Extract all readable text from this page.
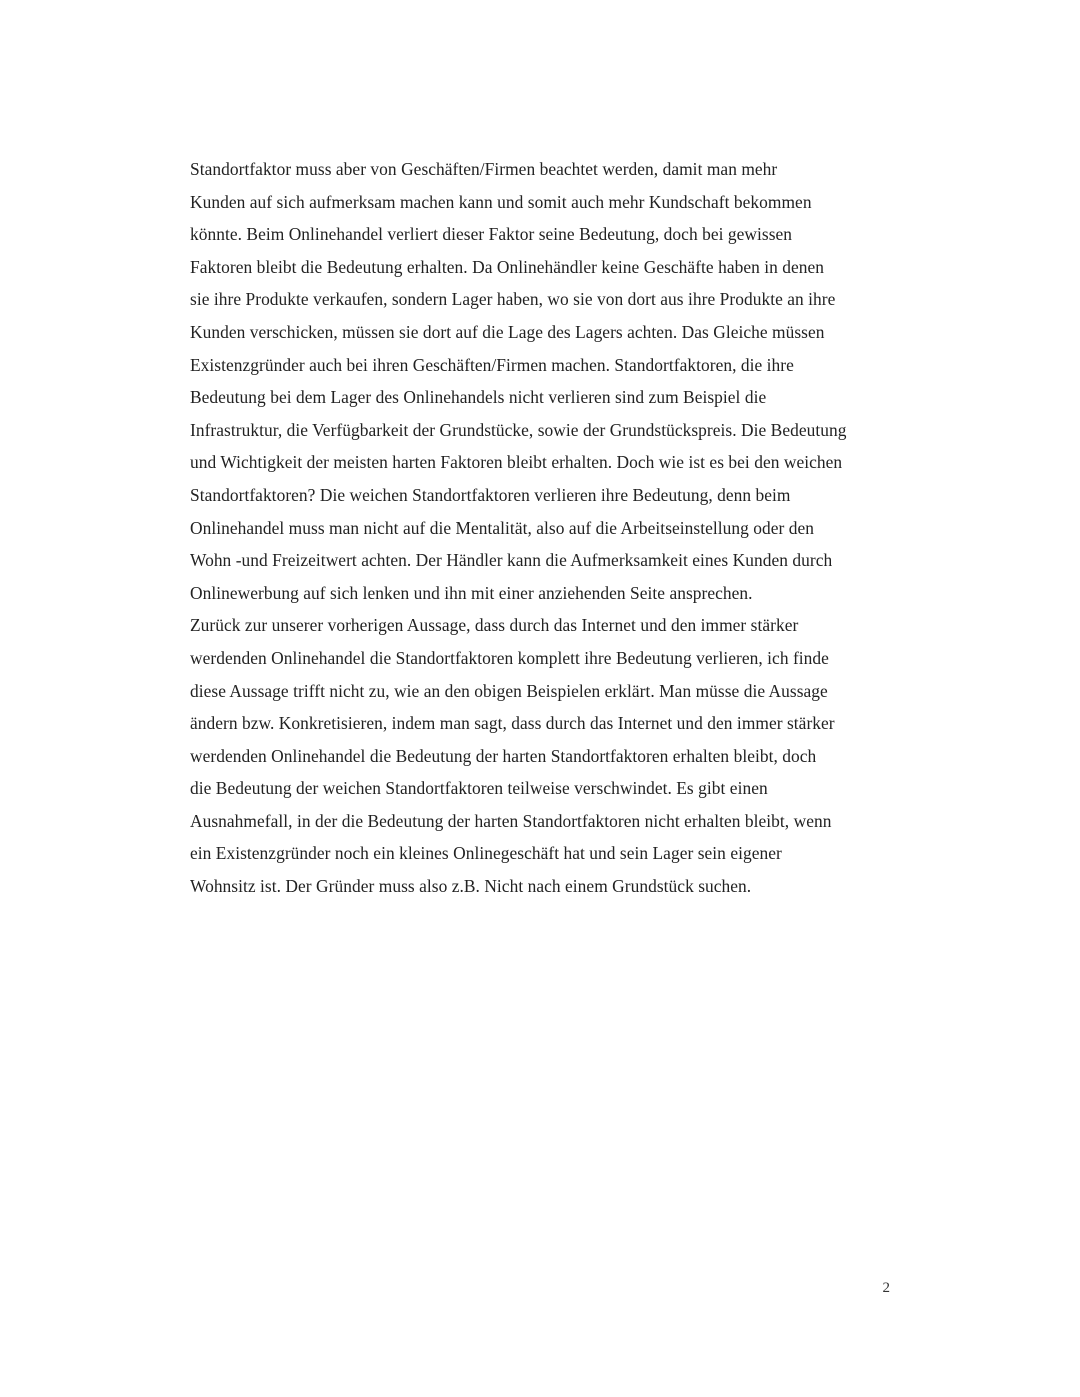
Standortfaktor muss aber von Geschäften/Firmen beachtet werden, damit man mehr
Kunden auf sich aufmerksam machen kann und somit auch mehr Kundschaft bekommen
könnte. Beim Onlinehandel verliert dieser Faktor seine Bedeutung, doch bei gewissen
Faktoren bleibt die Bedeutung erhalten. Da Onlinehändler keine Geschäfte haben in denen
sie ihre Produkte verkaufen, sondern Lager haben, wo sie von dort aus ihre Produkte an ihre
Kunden verschicken, müssen sie dort auf die Lage des Lagers achten. Das Gleiche müssen
Existenzgründer auch bei ihren Geschäften/Firmen machen. Standortfaktoren, die ihre
Bedeutung bei dem Lager des Onlinehandels nicht verlieren sind zum Beispiel die
Infrastruktur, die Verfügbarkeit der Grundstücke, sowie der Grundstückspreis. Die Bedeutung
und Wichtigkeit der meisten harten Faktoren bleibt erhalten. Doch wie ist es bei den weichen
Standortfaktoren? Die weichen Standortfaktoren verlieren ihre Bedeutung, denn beim
Onlinehandel muss man nicht auf die Mentalität, also auf die Arbeitseinstellung oder den
Wohn -und Freizeitwert achten. Der Händler kann die Aufmerksamkeit eines Kunden durch
Onlinewerbung auf sich lenken und ihn mit einer anziehenden Seite ansprechen.
Zurück zur unserer vorherigen Aussage, dass durch das Internet und den immer stärker
werdenden Onlinehandel die Standortfaktoren komplett ihre Bedeutung verlieren, ich finde
diese Aussage trifft nicht zu, wie an den obigen Beispielen erklärt. Man müsse die Aussage
ändern bzw. Konkretisieren, indem man sagt, dass durch das Internet und den immer stärker
werdenden Onlinehandel die Bedeutung der harten Standortfaktoren erhalten bleibt, doch
die Bedeutung der weichen Standortfaktoren teilweise verschwindet. Es gibt einen
Ausnahmefall, in der die Bedeutung der harten Standortfaktoren nicht erhalten bleibt, wenn
ein Existenzgründer noch ein kleines Onlinegeschäft hat und sein Lager sein eigener
Wohnsitz ist. Der Gründer muss also z.B. Nicht nach einem Grundstück suchen.
2
